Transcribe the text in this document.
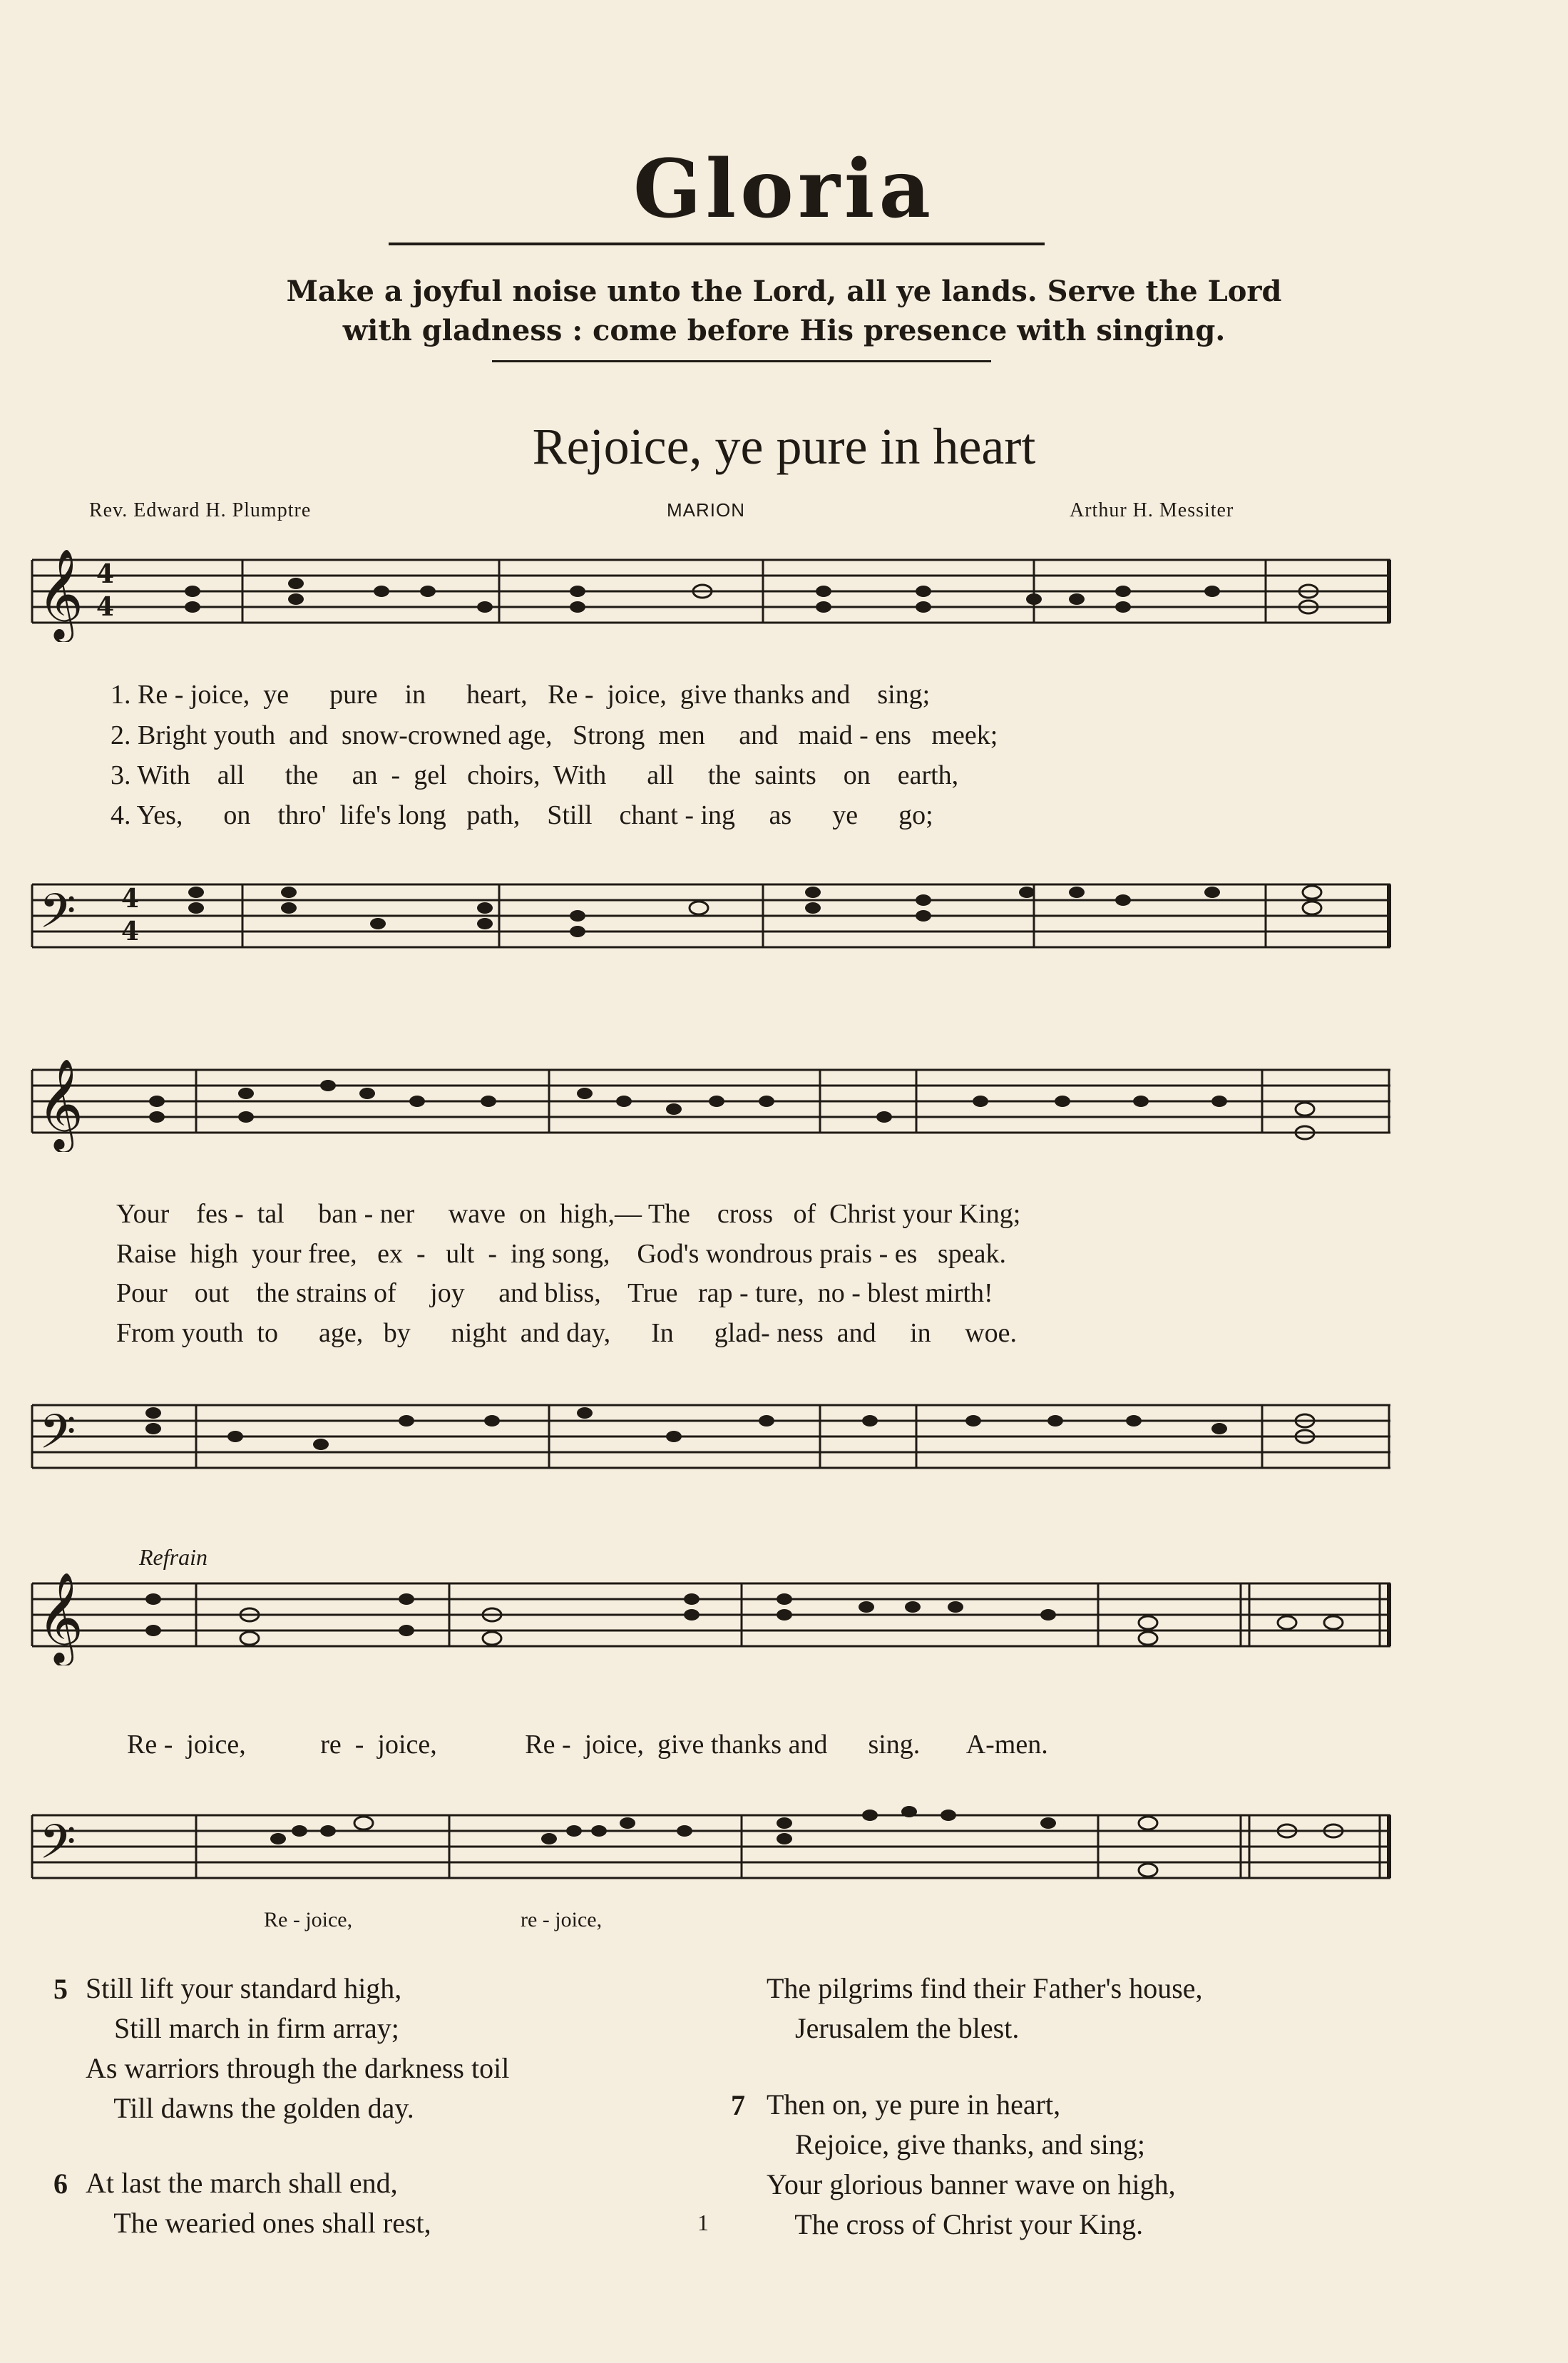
Gloria
Make a joyful noise unto the Lord, all ye lands. Serve the Lord
with gladness : come before His presence with singing.
Rejoice, ye pure in heart
Rev. Edward H. Plumptre	MARION	Arthur H. Messiter
𝄞 4
4
1. Re - joice,  ye      pure    in      heart,   Re -  joice,  give thanks and    sing;
2. Bright youth  and  snow-crowned age,   Strong  men     and   maid - ens   meek;
3. With    all      the     an  -  gel   choirs,  With      all     the  saints    on    earth,
4. Yes,      on    thro'  life's long   path,    Still    chant - ing     as      ye      go;
𝄢 4
4
𝄞
Your    fes -  tal     ban - ner     wave  on  high,— The    cross   of  Christ your King;
Raise  high  your free,   ex  -   ult  -  ing song,    God's wondrous prais - es   speak.
Pour    out    the strains of     joy     and bliss,    True   rap - ture,  no - blest mirth!
From youth  to      age,   by      night  and day,      In      glad- ness  and     in     woe.
𝄢
Refrain
𝄞
Re -  joice,           re  -  joice,             Re -  joice,  give thanks and      sing.       A-men.
𝄢
Re - joice,	re - joice,
5 Still lift your standard high,
Still march in firm array;
As warriors through the darkness toil
Till dawns the golden day.
6 At last the march shall end,
The wearied ones shall rest,
The pilgrims find their Father's house,
Jerusalem the blest.
7 Then on, ye pure in heart,
Rejoice, give thanks, and sing;
Your glorious banner wave on high,
The cross of Christ your King.
1
